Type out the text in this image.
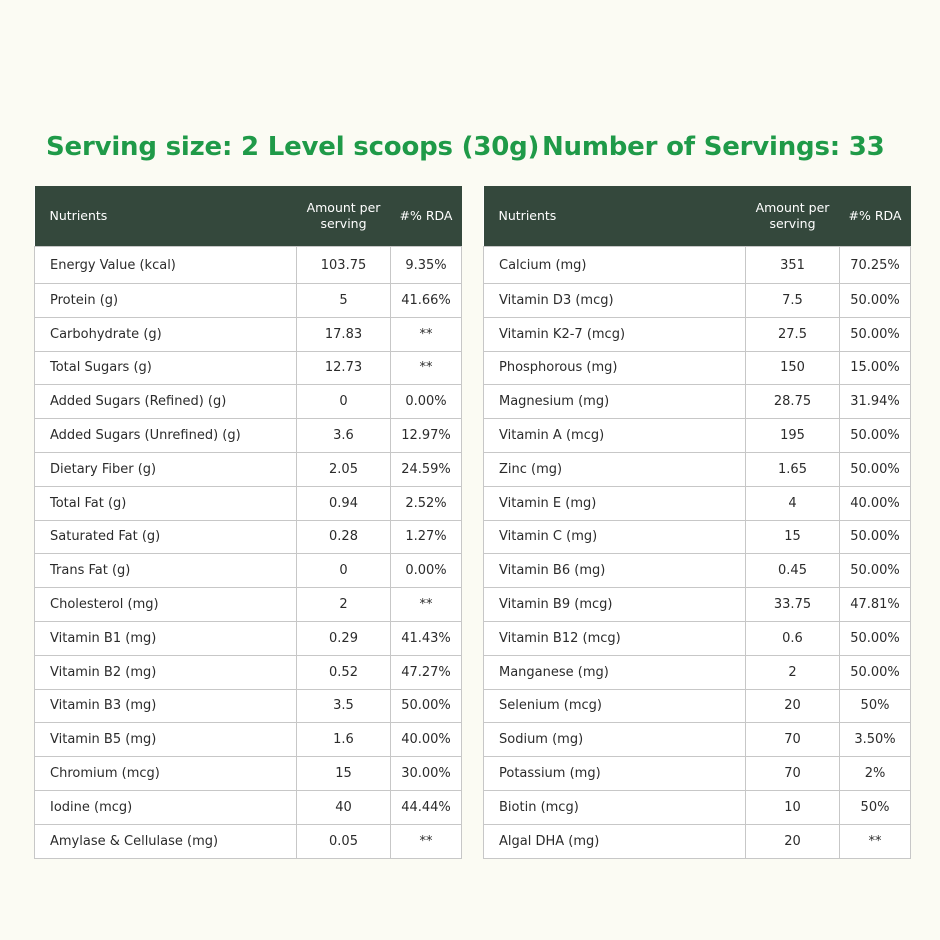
Serving size: 2 Level scoops (30g) Number of Servings: 33
Nutrients	Amount per serving	#% RDA
Energy Value (kcal)	103.75	9.35%
Protein (g)	5	41.66%
Carbohydrate (g)	17.83	**
Total Sugars (g)	12.73	**
Added Sugars (Refined) (g)	0	0.00%
Added Sugars (Unrefined) (g)	3.6	12.97%
Dietary Fiber (g)	2.05	24.59%
Total Fat (g)	0.94	2.52%
Saturated Fat (g)	0.28	1.27%
Trans Fat (g)	0	0.00%
Cholesterol (mg)	2	**
Vitamin B1 (mg)	0.29	41.43%
Vitamin B2 (mg)	0.52	47.27%
Vitamin B3 (mg)	3.5	50.00%
Vitamin B5 (mg)	1.6	40.00%
Chromium (mcg)	15	30.00%
Iodine (mcg)	40	44.44%
Amylase & Cellulase (mg)	0.05	**
Nutrients	Amount per serving	#% RDA
Calcium (mg)	351	70.25%
Vitamin D3 (mcg)	7.5	50.00%
Vitamin K2-7 (mcg)	27.5	50.00%
Phosphorous (mg)	150	15.00%
Magnesium (mg)	28.75	31.94%
Vitamin A (mcg)	195	50.00%
Zinc (mg)	1.65	50.00%
Vitamin E (mg)	4	40.00%
Vitamin C (mg)	15	50.00%
Vitamin B6 (mg)	0.45	50.00%
Vitamin B9 (mcg)	33.75	47.81%
Vitamin B12 (mcg)	0.6	50.00%
Manganese (mg)	2	50.00%
Selenium (mcg)	20	50%
Sodium (mg)	70	3.50%
Potassium (mg)	70	2%
Biotin (mcg)	10	50%
Algal DHA (mg)	20	**
